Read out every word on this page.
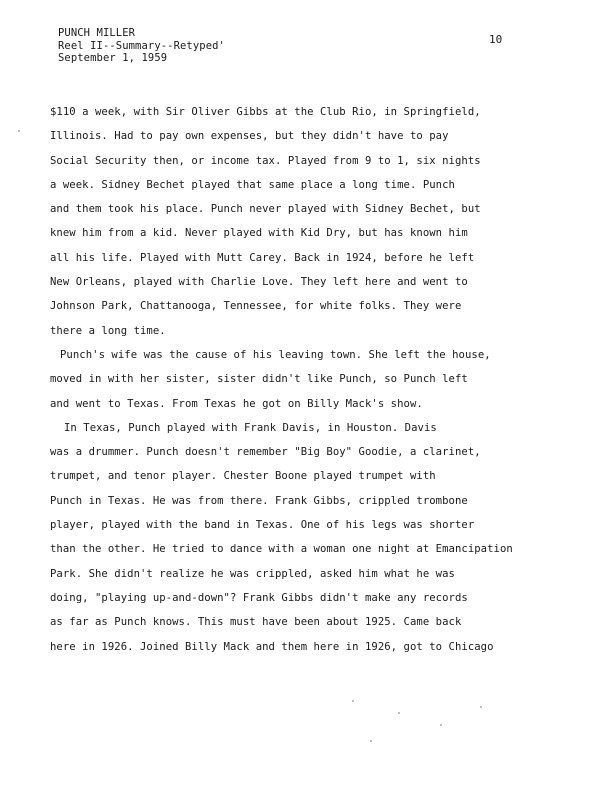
PUNCH MILLER
Reel II--Summary--Retyped'
September 1, 1959
10
$110 a week, with Sir Oliver Gibbs at the Club Rio, in Springfield,
Illinois. Had to pay own expenses, but they didn't have to pay
Social Security then, or income tax. Played from 9 to 1, six nights
a week. Sidney Bechet played that same place a long time. Punch
and them took his place. Punch never played with Sidney Bechet, but
knew him from a kid. Never played with Kid Dry, but has known him
all his life. Played with Mutt Carey. Back in 1924, before he left
New Orleans, played with Charlie Love. They left here and went to
Johnson Park, Chattanooga, Tennessee, for white folks. They were
there a long time.
Punch's wife was the cause of his leaving town. She left the house,
moved in with her sister, sister didn't like Punch, so Punch left
and went to Texas. From Texas he got on Billy Mack's show.
In Texas, Punch played with Frank Davis, in Houston. Davis
was a drummer. Punch doesn't remember "Big Boy" Goodie, a clarinet,
trumpet, and tenor player. Chester Boone played trumpet with
Punch in Texas. He was from there. Frank Gibbs, crippled trombone
player, played with the band in Texas. One of his legs was shorter
than the other. He tried to dance with a woman one night at Emancipation
Park. She didn't realize he was crippled, asked him what he was
doing, "playing up-and-down"? Frank Gibbs didn't make any records
as far as Punch knows. This must have been about 1925. Came back
here in 1926. Joined Billy Mack and them here in 1926, got to Chicago
